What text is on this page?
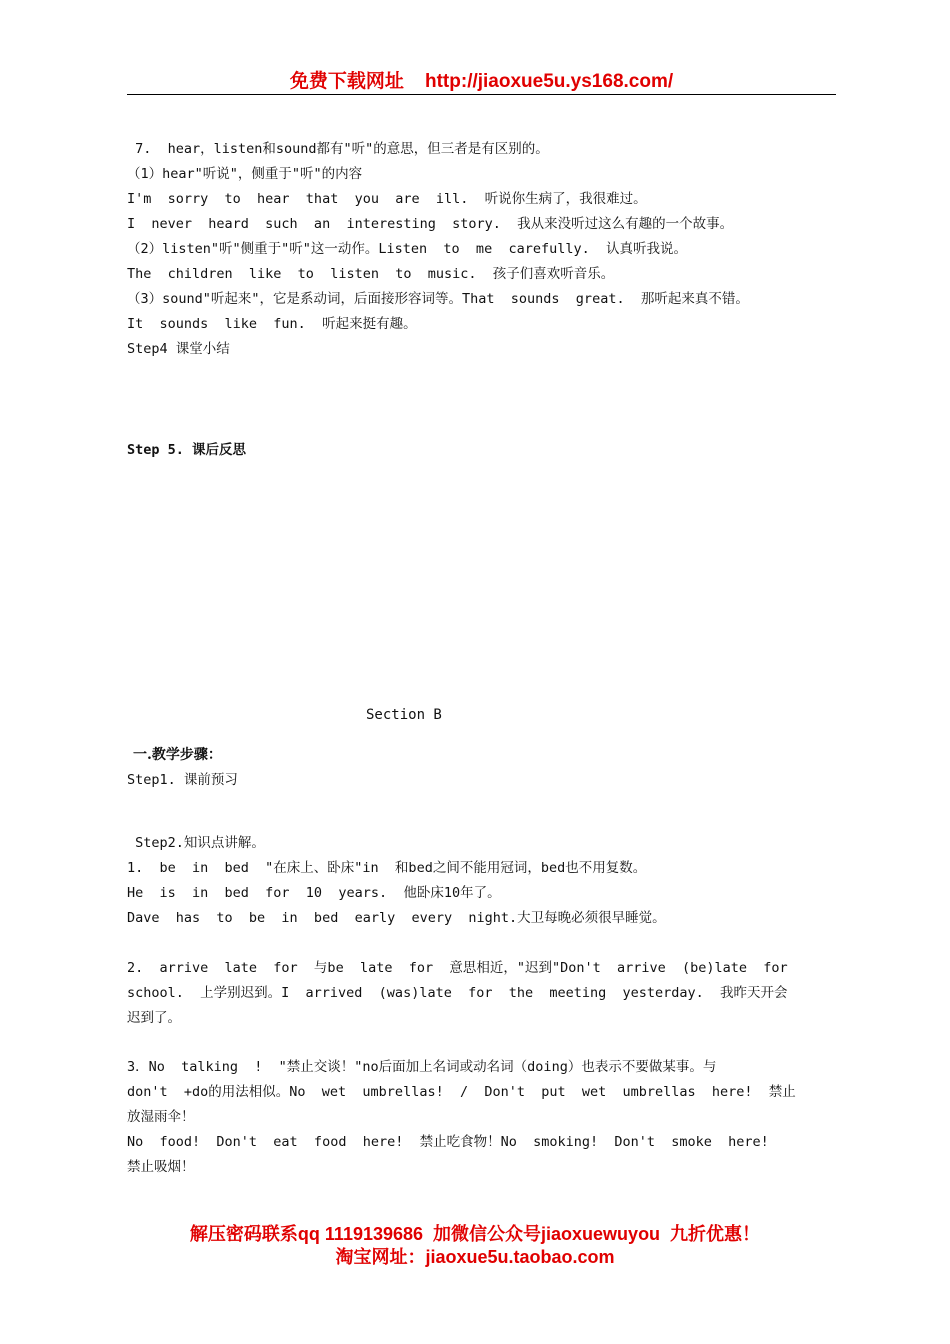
免费下载网址 http://jiaoxue5u.ys168.com/
7.  hear，listen和sound都有"听"的意思，但三者是有区别的。
（1）hear"听说"，侧重于"听"的内容
I'm  sorry  to  hear  that  you  are  ill.  听说你生病了，我很难过。
I  never  heard  such  an  interesting  story.  我从来没听过这么有趣的一个故事。
（2）listen"听"侧重于"听"这一动作。Listen  to  me  carefully.  认真听我说。
The  children  like  to  listen  to  music.  孩子们喜欢听音乐。
（3）sound"听起来"，它是系动词，后面接形容词等。That  sounds  great.  那听起来真不错。
It  sounds  like  fun.  听起来挺有趣。
Step4 课堂小结
Step 5. 课后反思
Section B
一.教学步骤：
Step1. 课前预习
Step2.知识点讲解。
1.  be  in  bed  "在床上、卧床"in  和bed之间不能用冠词，bed也不用复数。
He  is  in  bed  for  10  years.  他卧床10年了。
Dave  has  to  be  in  bed  early  every  night.大卫每晚必须很早睡觉。
2.  arrive  late  for  与be  late  for  意思相近，"迟到"Don't  arrive  (be)late  for
school.  上学别迟到。I  arrived  (was)late  for  the  meeting  yesterday.  我昨天开会
迟到了。
3．No  talking  !  "禁止交谈！"no后面加上名词或动名词（doing）也表示不要做某事。与
don't  +do的用法相似。No  wet  umbrellas!  /  Don't  put  wet  umbrellas  here!  禁止
放湿雨伞！
No  food!  Don't  eat  food  here!  禁止吃食物！No  smoking!  Don't  smoke  here!
禁止吸烟！
解压密码联系qq 1119139686  加微信公众号jiaoxuewuyou  九折优惠！
淘宝网址：jiaoxue5u.taobao.com
